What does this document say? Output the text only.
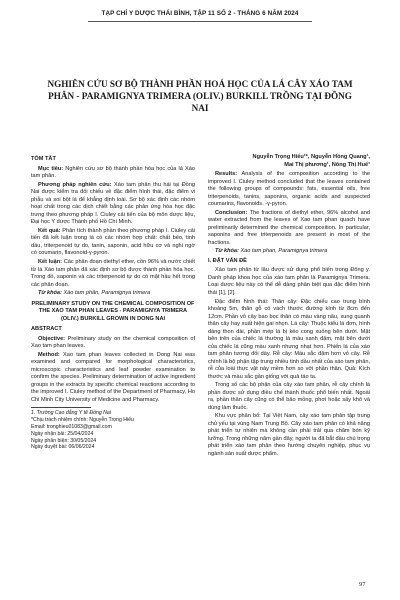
TẠP CHÍ Y DƯỢC THÁI BÌNH, TẬP 11 SỐ 2 - THÁNG 6 NĂM 2024
NGHIÊN CỨU SƠ BỘ THÀNH PHẦN HOÁ HỌC CỦA LÁ CÂY XÁO TAM PHÂN - PARAMIGNYA TRIMERA (OLIV.) BURKILL TRỒNG TẠI ĐỒNG NAI
TÓM TẮT

Mục tiêu: Nghiên cứu sơ bộ thành phần hóa học của lá Xáo tam phân.

Phương pháp nghiên cứu: Xáo tam phân thu hái tại Đồng Nai được kiểm tra đối chiếu về đặc điểm hình thái, đặc điểm vi phẫu và soi bột lá để khẳng định loài. Sơ bộ xác định các nhóm hoạt chất trong các dịch chiết bằng các phản ứng hóa học đặc trưng theo phương pháp I. Ciuley cải tiến của bộ môn dược liệu, Đại học Y dược Thành phố Hồ Chí Minh.

Kết quả: Phân tích thành phần theo phương pháp I. Ciuley cải tiến đã kết luận trong lá có các nhóm hợp chất: chất béo, tinh dầu, triterpenoid tự do, tanin, saponin, acid hữu cơ và nghi ngờ có coumarin, flavonoid-γ-pyron.

Kết luận: Các phân đoạn diethyl ether, cồn 96% và nước chiết từ lá Xáo tam phân đã xác định sơ bộ được thành phần hóa học. Trong đó, saponin và các triterpenoid tự do có mặt hầu hết trong các phân đoạn.

Từ khóa: Xáo tam phân, Paramignya trimera

PRELIMINARY STUDY ON THE CHEMICAL COMPOSITION OF THE XAO TAM PHAN LEAVES - PARAMIGNYA TRIMERA (OLIV.) BURKILL GROWN IN DONG NAI
ABSTRACT

Objective: Preliminary study on the chemical composition of Xao tam phan leaves.

Method: Xao tam phan leaves collected in Dong Nai was examined and compared for morphological characteristics, microscopic characteristics and leaf powder examination to confirm the species. Preliminary determination of active ingredient groups in the extracts by specific chemical reactions according to the improved I. Ciuley method of the Department of Pharmacy, Ho Chi Minh City University of Medicine and Pharmacy.

1. Trường Cao đẳng Y tế Đồng Nai
*Chịu trách nhiệm chính: Nguyễn Trọng Hiếu
Email: tronghieu01083@gmail.com
Ngày nhận bài: 25/04/2024
Ngày phản biện: 30/05/2024
Ngày duyệt bài: 06/06/2024
Nguyễn Trọng Hiếu¹*, Nguyễn Hồng Quang¹,
Mai Thị phương¹, Nông Thị Huế¹

Results: Analysis of the composition according to the improved I. Ciuley method concluded that the leaves contained the following groups of compounds: fats, essential oils, free triterpenoids, tanins, saponins, organic acids and suspected coumarins, flavonoids. -γ-pyron.

Conclusion: The fractions of diethyl ether, 96% alcohol and water extracted from the leaves of Xao tam phan quach have preliminarily determined the chemical composition. In particular, saponins and free triterpenoids are present in most of the fractions.

Từ khóa: Xao tam phan, Paramignya trimera

I. ĐẶT VẤN ĐỀ

Xáo tam phân từ lâu được sử dụng phổ biến trong Đông y. Danh pháp khoa học của xáo tam phân là Paramignya Trimera. Loại dược liệu này có thể dễ dàng phân biệt qua đặc điểm hình thái [1], [2].

Đặc điểm hình thái: Thân cây: Đặc chiếu cao trung bình khoảng 5m, thân gỗ có vách thước đường kính từ 8cm đến 12cm. Phần vỏ cây bao bọc thân có màu vàng nâu, xung quanh thân cây hay xuất hiện gai nhọn. Lá cây: Thuộc kiểu lá đơn, hình dáng thon dài, phần mép lá bị kéo cong xuống bên dưới. Mặt bên trên của chiếc lá thường là màu xanh đậm, mặt bên dưới của chiếc lá cũng màu xanh nhưng nhạt hơn. Phiến lá của xáo tam phân tương đối dày. Rễ cây: Màu sắc đậm hơn vỏ cây. Rễ chính là bộ phận tập trung nhiều tinh dầu nhất của xáo tam phân, rễ của loài thực vật này mềm hơn so với phần thân. Quả: Kích thước và màu sắc gần giống với quả táo ta.

Trong số các bộ phận của cây xáo tam phân, rễ cây chính là phần được sử dụng điều chế thành thuốc phổ biến nhất. Ngoài ra, phần thân cây cũng có thể bảo mỏng, phơi hoặc sấy khô và dùng làm thuốc.

Khu vực phân bố: Tại Việt Nam, cây xáo tam phân tập trung chủ yếu tại vùng Nam Trung Bộ. Cây xáo tam phân có khả năng phát triển tự nhiên mà không cần phải trải qua chăm bón kỹ lưỡng. Trong những năm gần đây, người ta đã bắt đầu chú trọng phát triển xáo tam phân theo hướng chuyên nghiệp, phục vụ ngành sản xuất dược phẩm.

97
